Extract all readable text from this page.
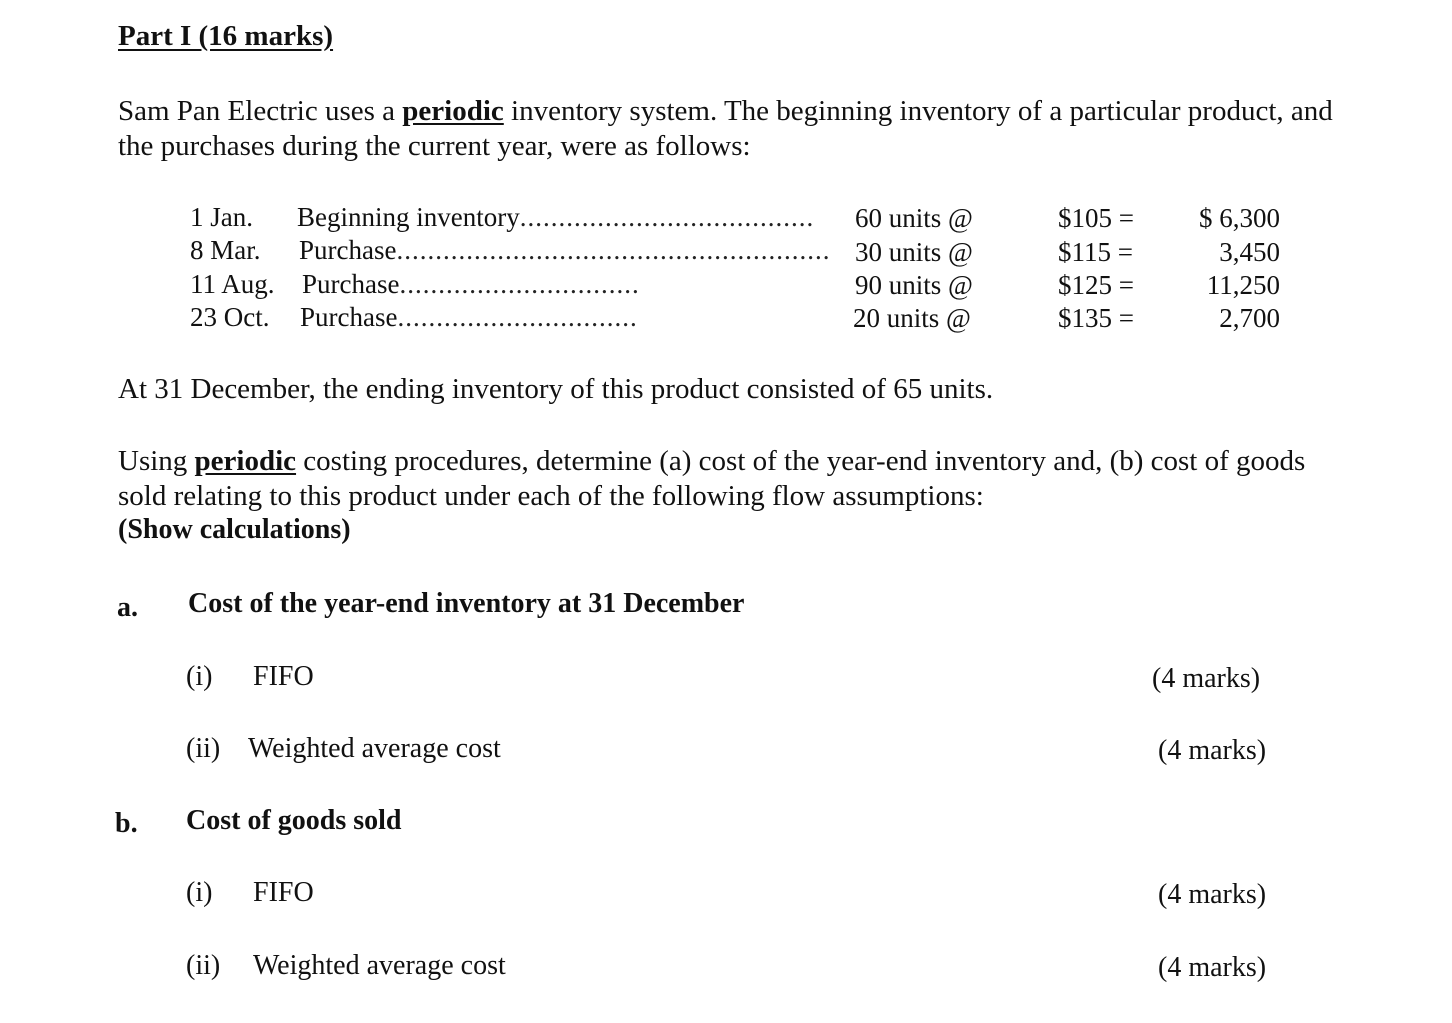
Part I (16 marks)
Sam Pan Electric uses a periodic inventory system. The beginning inventory of a particular product, and the purchases during the current year, were as follows:
1 Jan. Beginning inventory...................................... 60 units @	$105 =	$ 6,300
8 Mar. Purchase........................................................ 30 units @	$115 =	3,450
11 Aug. Purchase...............................	90 units @	$125 =	11,250
23 Oct. Purchase...............................	20 units @	$135 =	2,700
At 31 December, the ending inventory of this product consisted of 65 units.
Using periodic costing procedures, determine (a) cost of the year-end inventory and, (b) cost of goods sold relating to this product under each of the following flow assumptions:
(Show calculations)
a. Cost of the year-end inventory at 31 December
(i) FIFO	(4 marks)
(ii) Weighted average cost	(4 marks)
b. Cost of goods sold
(i) FIFO	(4 marks)
(ii) Weighted average cost	(4 marks)
